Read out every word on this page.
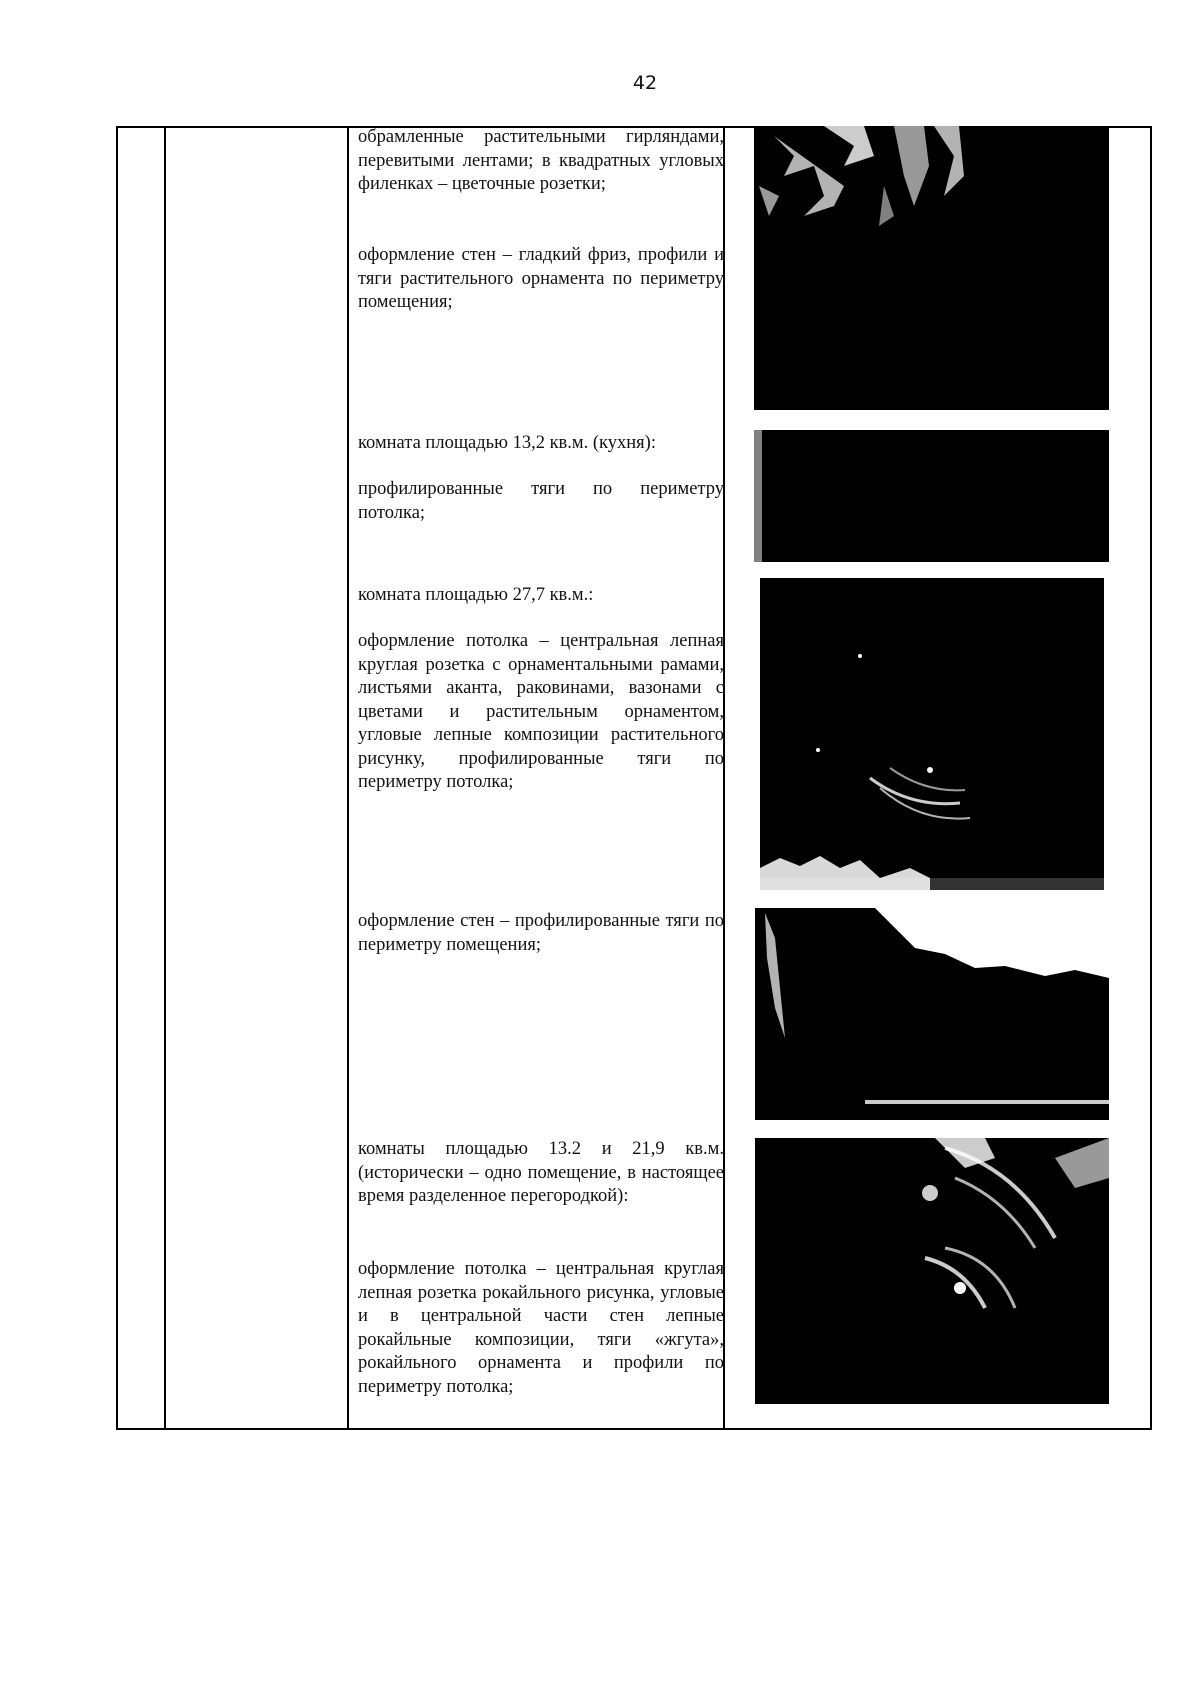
42

обрамленные растительными гирляндами, перевитыми лентами; в квадратных угловых филенках – цветочные розетки;

оформление стен – гладкий фриз, профили и тяги растительного орнамента по периметру помещения;

комната площадью 13,2 кв.м. (кухня):

профилированные тяги по периметру потолка;

комната площадью 27,7 кв.м.:

оформление потолка – центральная лепная круглая розетка с орнаментальными рамами, листьями аканта, раковинами, вазонами с цветами и растительным орнаментом, угловые лепные композиции растительного рисунку, профилированные тяги по периметру потолка;

оформление стен – профилированные тяги по периметру помещения;

комнаты площадью 13.2 и 21,9 кв.м. (исторически – одно помещение, в настоящее время разделенное перегородкой):

оформление потолка – центральная круглая лепная розетка рокайльного рисунка, угловые и в центральной части стен лепные рокайльные композиции, тяги «жгута», рокайльного орнамента и профили по периметру потолка;
